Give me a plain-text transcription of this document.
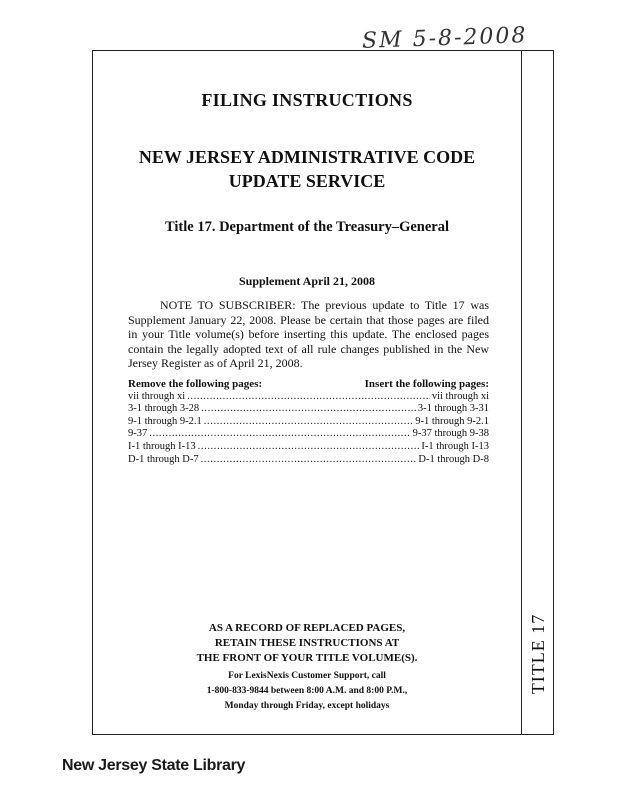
SM 5-8-2008
TITLE 17
FILING INSTRUCTIONS
NEW JERSEY ADMINISTRATIVE CODE
UPDATE SERVICE
Title 17. Department of the Treasury–General
Supplement April 21, 2008

NOTE TO SUBSCRIBER: The previous update to Title 17 was Supplement January 22, 2008. Please be certain that those pages are filed in your Title volume(s) before inserting this update. The enclosed pages contain the legally adopted text of all rule changes published in the New Jersey Register as of April 21, 2008.

Remove the following pages:	Insert the following pages:
vii through xi .....	vii through xi
3-1 through 3-28 .....	3-1 through 3-31
9-1 through 9-2.1 .....	9-1 through 9-2.1
9-37 .....	9-37 through 9-38
I-1 through I-13 .....	I-1 through I-13
D-1 through D-7 .....	D-1 through D-8
AS A RECORD OF REPLACED PAGES,
RETAIN THESE INSTRUCTIONS AT
THE FRONT OF YOUR TITLE VOLUME(S).
For LexisNexis Customer Support, call
1-800-833-9844 between 8:00 A.M. and 8:00 P.M.,
Monday through Friday, except holidays
New Jersey State Library
